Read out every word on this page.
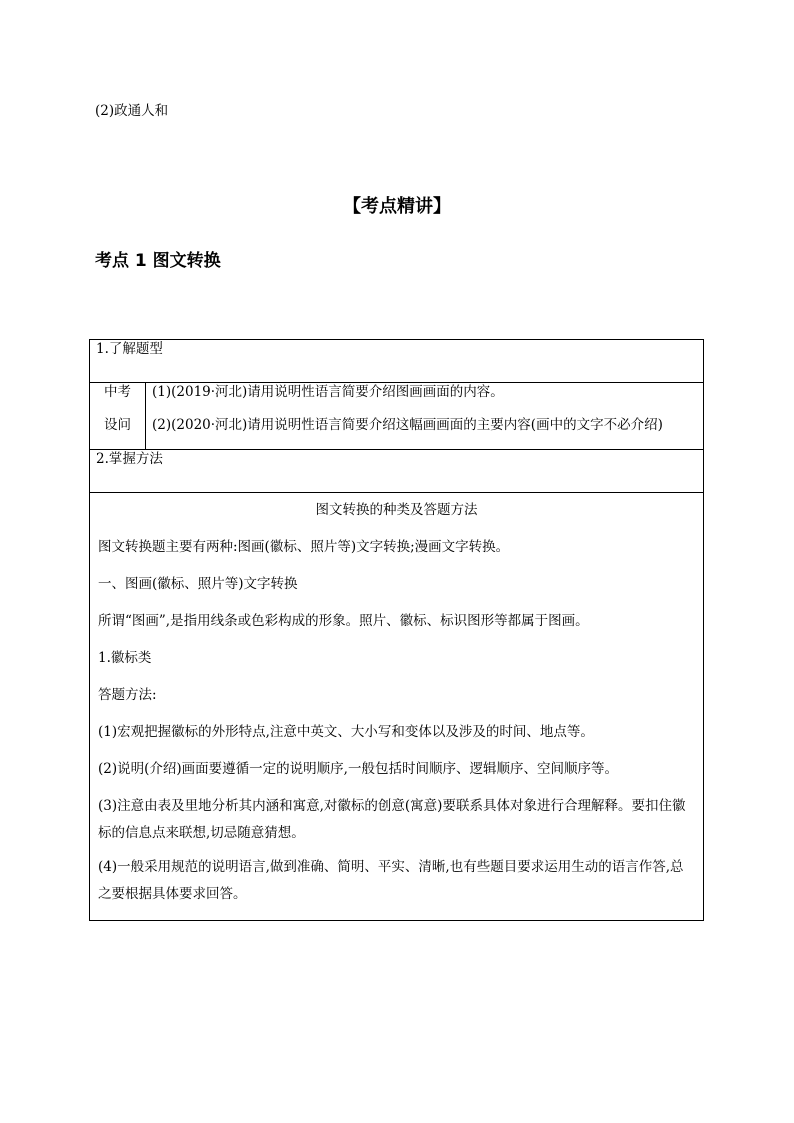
(2)政通人和
【考点精讲】
考点 1 图文转换
1.了解题型

中考
设问

(1)(2019·河北)请用说明性语言简要介绍图画画面的内容。
(2)(2020·河北)请用说明性语言简要介绍这幅画画面的主要内容(画中的文字不必介绍)

2.掌握方法

图文转换的种类及答题方法

图文转换题主要有两种:图画(徽标、照片等)文字转换;漫画文字转换。

一、图画(徽标、照片等)文字转换

所谓“图画”,是指用线条或色彩构成的形象。照片、徽标、标识图形等都属于图画。

1.徽标类

答题方法:

(1)宏观把握徽标的外形特点,注意中英文、大小写和变体以及涉及的时间、地点等。

(2)说明(介绍)画面要遵循一定的说明顺序,一般包括时间顺序、逻辑顺序、空间顺序等。

(3)注意由表及里地分析其内涵和寓意,对徽标的创意(寓意)要联系具体对象进行合理解释。要扣住徽标的信息点来联想,切忌随意猜想。

(4)一般采用规范的说明语言,做到准确、简明、平实、清晰,也有些题目要求运用生动的语言作答,总之要根据具体要求回答。
